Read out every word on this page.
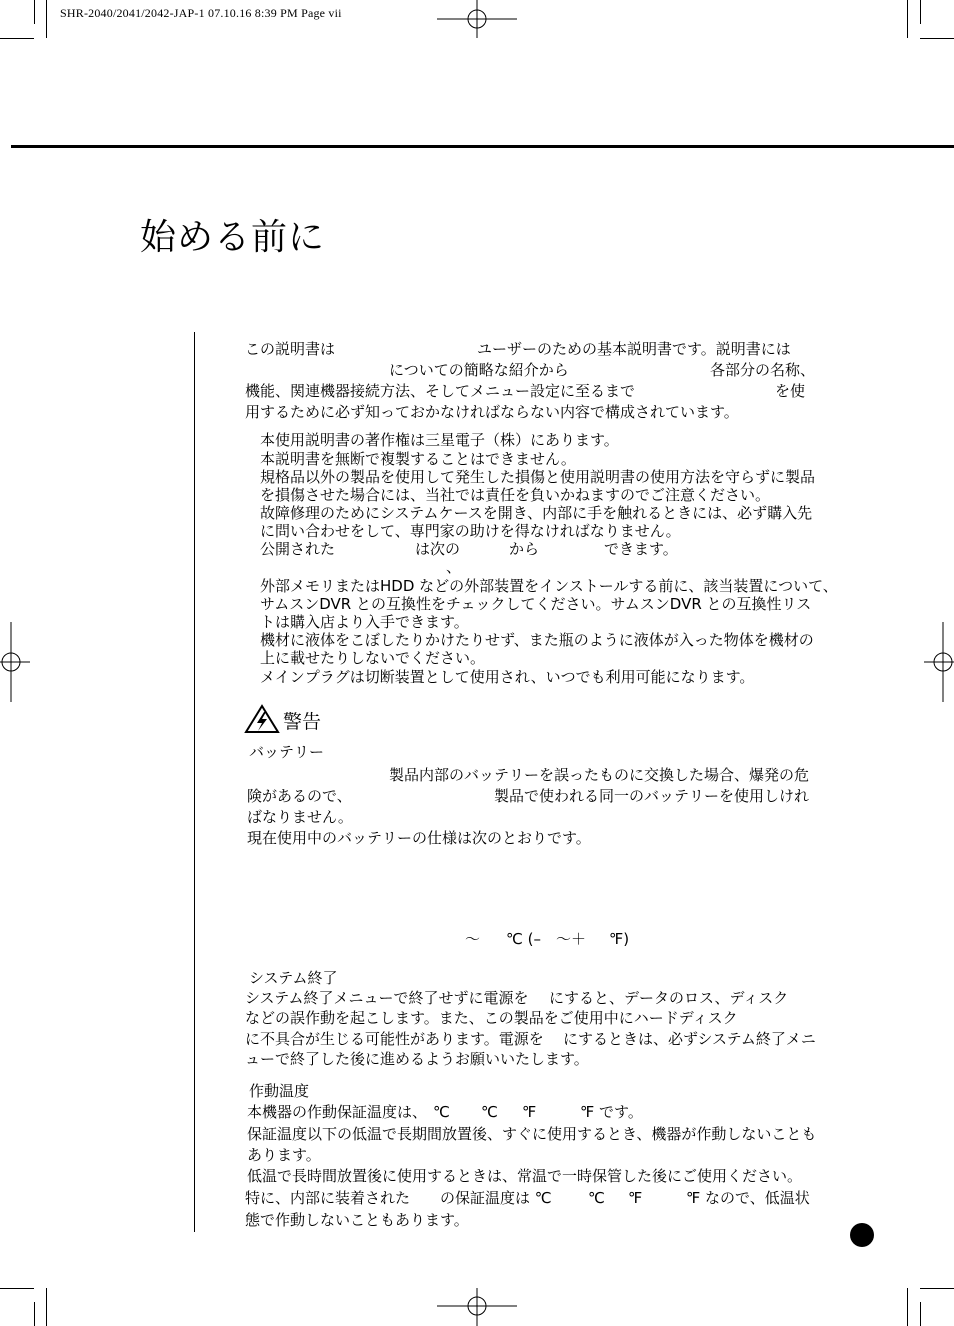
SHR-2040/2041/2042-JAP-1 07.10.16 8:39 PM Page vii
始める前に
この説明書は	ユーザーのための基本説明書です。説明書には
についての簡略な紹介から	各部分の名称、
機能、関連機器接続方法、そしてメニュー設定に至るまで	を使
用するために必ず知っておかなければならない内容で構成されています。
本使用説明書の著作権は三星電子（株）にあります。
本説明書を無断で複製することはできません。
規格品以外の製品を使用して発生した損傷と使用説明書の使用方法を守らずに製品
を損傷させた場合には、当社では責任を負いかねますのでご注意ください。
故障修理のためにシステムケースを開き、内部に手を触れるときには、必ず購入先
に問い合わせをして、専門家の助けを得なければなりません。
公開された	は次の	から	できます。
、
外部メモリまたはHDD などの外部装置をインストールする前に、該当装置について、
サムスンDVR との互換性をチェックしてください。サムスンDVR との互換性リス
トは購入店より入手できます。
機材に液体をこぼしたりかけたりせず、また瓶のように液体が入った物体を機材の
上に載せたりしないでください。
メインプラグは切断装置として使用され、いつでも利用可能になります。
警告
バッテリー
製品内部のバッテリーを誤ったものに交換した場合、爆発の危
険があるので、	製品で使われる同一のバッテリーを使用しけれ
ばなりません。
現在使用中のバッテリーの仕様は次のとおりです。
～ ℃ (–　～＋ ℉)
システム終了
システム終了メニューで終了せずに電源を にすると、データのロス、ディスク
などの誤作動を起こします。また、この製品をご使用中にハードディスク
に不具合が生じる可能性があります。電源を にするときは、必ずシステム終了メニ
ューで終了した後に進めるようお願いいたします。
作動温度
本機器の作動保証温度は、 ℃ ℃ ℉	℉ です。
保証温度以下の低温で長期間放置後、すぐに使用するとき、機器が作動しないことも
あります。
低温で長時間放置後に使用するときは、常温で一時保管した後にご使用ください。
特に、内部に装着された の保証温度は ℃ ℃ ℉	℉ なので、低温状
態で作動しないこともあります。
